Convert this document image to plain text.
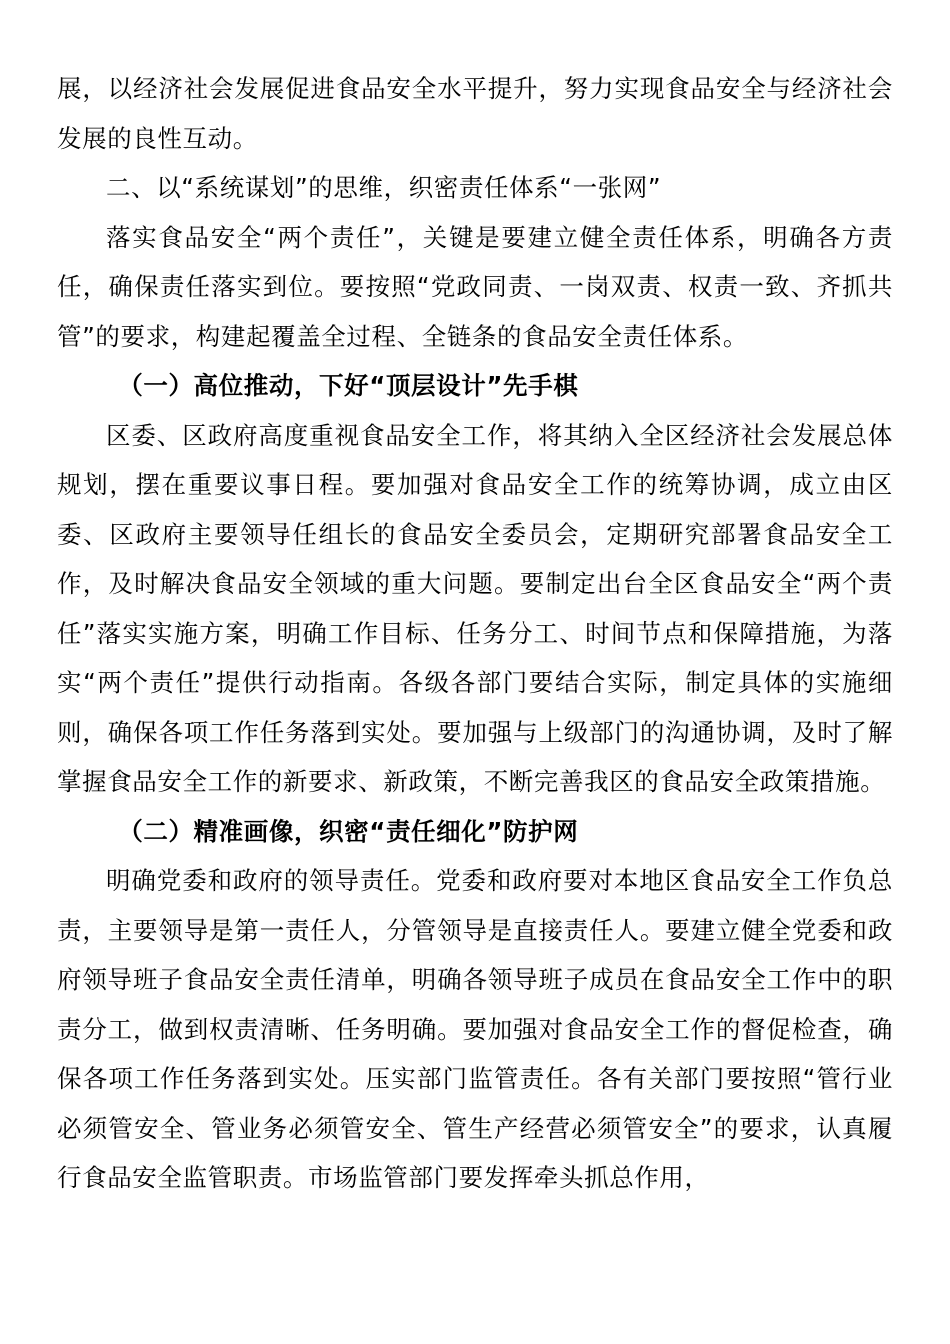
展，以经济社会发展促进食品安全水平提升，努力实现食品安全与经济社会发展的良性互动。

二、以“系统谋划”的思维，织密责任体系“一张网”

落实食品安全“两个责任”，关键是要建立健全责任体系，明确各方责任，确保责任落实到位。要按照“党政同责、一岗双责、权责一致、齐抓共管”的要求，构建起覆盖全过程、全链条的食品安全责任体系。

（一）高位推动，下好“顶层设计”先手棋

区委、区政府高度重视食品安全工作，将其纳入全区经济社会发展总体规划，摆在重要议事日程。要加强对食品安全工作的统筹协调，成立由区委、区政府主要领导任组长的食品安全委员会，定期研究部署食品安全工作，及时解决食品安全领域的重大问题。要制定出台全区食品安全“两个责任”落实实施方案，明确工作目标、任务分工、时间节点和保障措施，为落实“两个责任”提供行动指南。各级各部门要结合实际，制定具体的实施细则，确保各项工作任务落到实处。要加强与上级部门的沟通协调，及时了解掌握食品安全工作的新要求、新政策，不断完善我区的食品安全政策措施。

（二）精准画像，织密“责任细化”防护网

明确党委和政府的领导责任。党委和政府要对本地区食品安全工作负总责，主要领导是第一责任人，分管领导是直接责任人。要建立健全党委和政府领导班子食品安全责任清单，明确各领导班子成员在食品安全工作中的职责分工，做到权责清晰、任务明确。要加强对食品安全工作的督促检查，确保各项工作任务落到实处。压实部门监管责任。各有关部门要按照“管行业必须管安全、管业务必须管安全、管生产经营必须管安全”的要求，认真履行食品安全监管职责。市场监管部门要发挥牵头抓总作用，
